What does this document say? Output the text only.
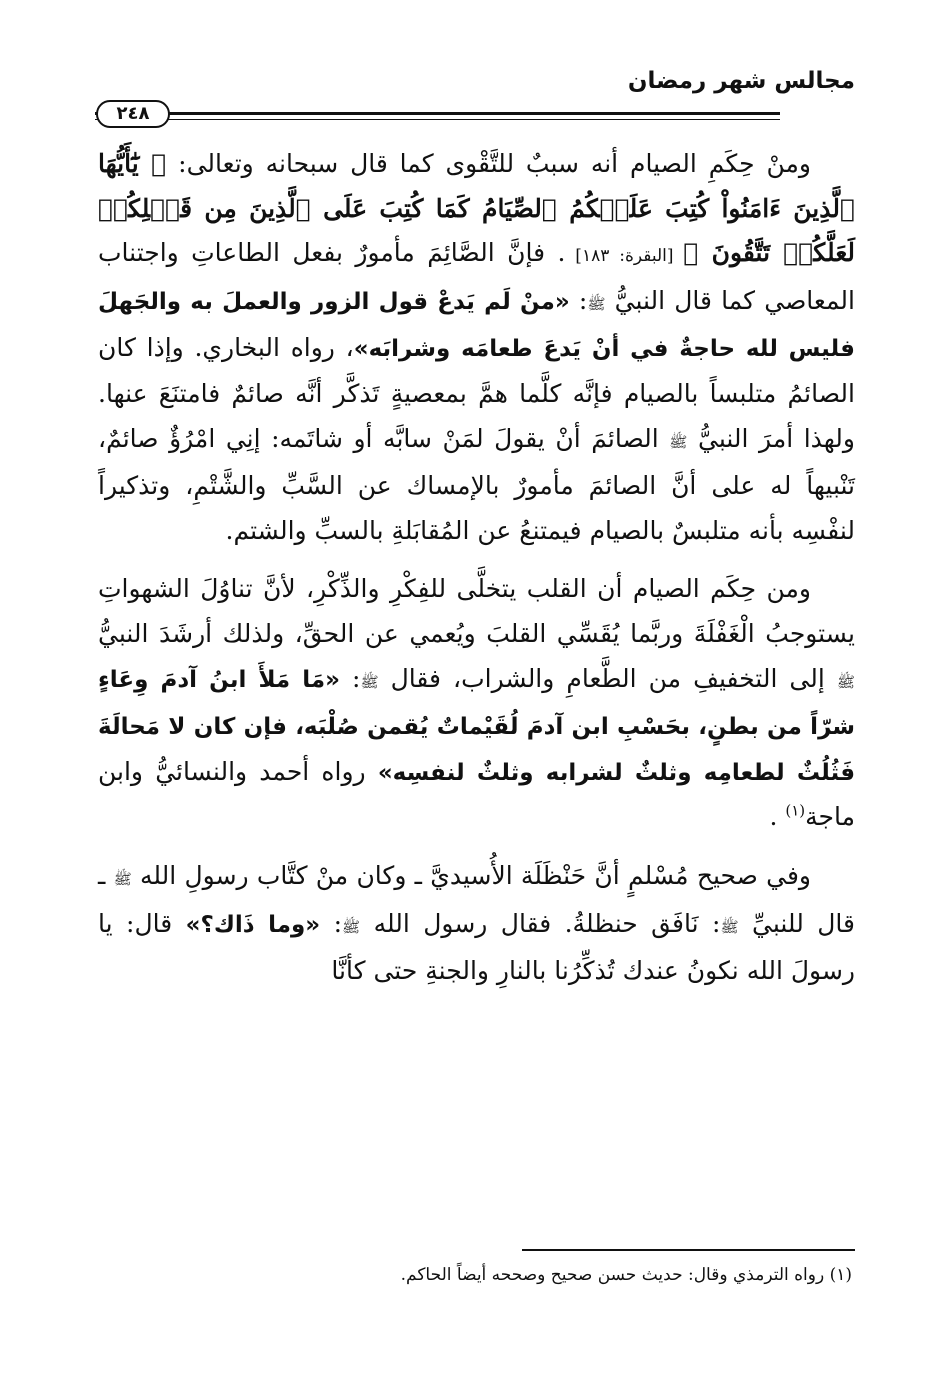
مجالس شهر رمضان
٢٤٨

ومنْ حِكَمِ الصيام أنه سببٌ للتَّقْوى كما قال سبحانه وتعالى: ﴿ يَٰٓأَيُّهَا ٱلَّذِينَ ءَامَنُواْ كُتِبَ عَلَيۡكُمُ ٱلصِّيَامُ كَمَا كُتِبَ عَلَى ٱلَّذِينَ مِن قَبۡلِكُمۡ لَعَلَّكُمۡ تَتَّقُونَ ﴾ [البقرة: ١٨٣] . فإنَّ الصَّائِمَ مأمورٌ بفعل الطاعاتِ واجتناب المعاصي كما قال النبيُّ ﷺ: «منْ لَم يَدعْ قول الزور والعملَ به والجَهلَ فليس لله حاجةٌ في أنْ يَدعَ طعامَه وشرابَه»، رواه البخاري. وإذا كان الصائمُ متلبساً بالصيام فإنَّه كلَّما همَّ بمعصيةٍ تَذكَّر أنَّه صائمٌ فامتنَعَ عنها. ولهذا أمرَ النبيُّ ﷺ الصائمَ أنْ يقولَ لمَنْ سابَّه أو شاتَمه: إنِي امْرُؤٌ صائمٌ، تَنْبيهاً له على أنَّ الصائمَ مأمورٌ بالإمساك عن السَّبِّ والشَّتْمِ، وتذكيراً لنفْسِه بأنه متلبسٌ بالصيام فيمتنعُ عن المُقابَلةِ بالسبِّ والشتم.

ومن حِكَم الصيام أن القلب يتخلَّى للفِكْرِ والذِّكْرِ، لأنَّ تناوُلَ الشهواتِ يستوجبُ الْغَفْلَةَ وربَّما يُقَسِّي القلبَ ويُعمي عن الحقِّ، ولذلك أرشَدَ النبيُّ ﷺ إلى التخفيفِ من الطَّعامِ والشراب، فقال ﷺ: «مَا مَلأَ ابنُ آدمَ وِعَاءٍ شرّاً من بطنٍ، بحَسْبِ ابن آدمَ لُقَيْماتٌ يُقمن صُلْبَه، فإن كان لا مَحالَةَ فَثُلُثٌ لطعامِه وثلثٌ لشرابه وثلثٌ لنفسِه» رواه أحمد والنسائيُّ وابن ماجة$^{(١)}$ .

وفي صحيح مُسْلمٍ أنَّ حَنْظَلَة الأُسيديَّ ـ وكان منْ كتَّاب رسولِ الله ﷺ ـ قال للنبيِّ ﷺ: نَافَق حنظلةُ. فقال رسول الله ﷺ: «وما ذَاك؟» قال: يا رسولَ الله نكونُ عندك تُذكِّرُنا بالنارِ والجنةِ حتى كأنَّا

(١) رواه الترمذي وقال: حديث حسن صحيح وصححه أيضاً الحاكم.
